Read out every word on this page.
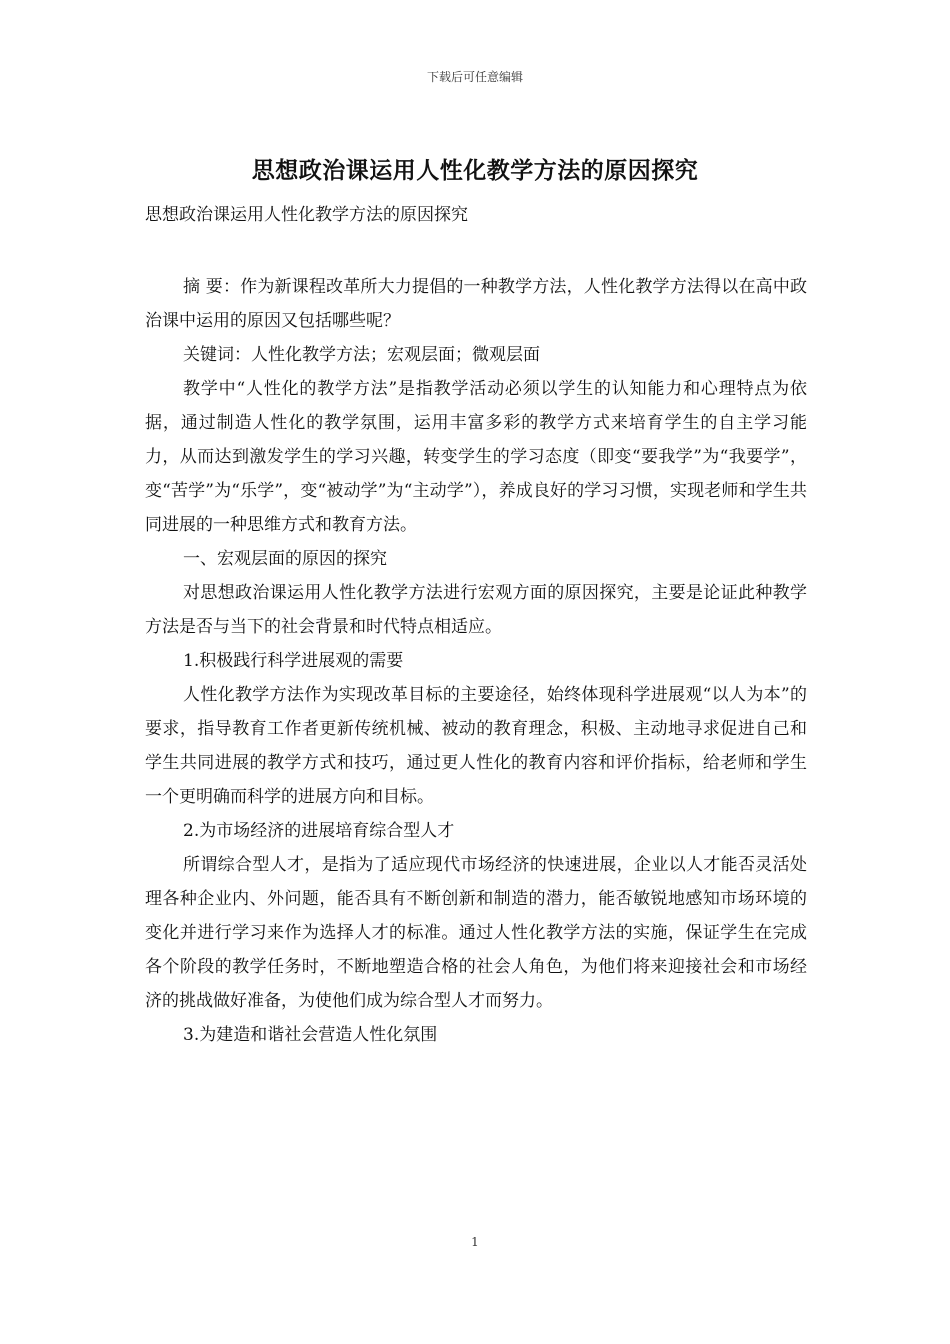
下载后可任意编辑
思想政治课运用人性化教学方法的原因探究

思想政治课运用人性化教学方法的原因探究

摘 要：作为新课程改革所大力提倡的一种教学方法，人性化教学方法得以在高中政治课中运用的原因又包括哪些呢？

关键词：人性化教学方法；宏观层面；微观层面

教学中“人性化的教学方法”是指教学活动必须以学生的认知能力和心理特点为依据，通过制造人性化的教学氛围，运用丰富多彩的教学方式来培育学生的自主学习能力，从而达到激发学生的学习兴趣，转变学生的学习态度（即变“要我学”为“我要学”，变“苦学”为“乐学”，变“被动学”为“主动学”），养成良好的学习习惯，实现老师和学生共同进展的一种思维方式和教育方法。

一、宏观层面的原因的探究

对思想政治课运用人性化教学方法进行宏观方面的原因探究，主要是论证此种教学方法是否与当下的社会背景和时代特点相适应。

1.积极践行科学进展观的需要

人性化教学方法作为实现改革目标的主要途径，始终体现科学进展观“以人为本”的要求，指导教育工作者更新传统机械、被动的教育理念，积极、主动地寻求促进自己和学生共同进展的教学方式和技巧，通过更人性化的教育内容和评价指标，给老师和学生一个更明确而科学的进展方向和目标。

2.为市场经济的进展培育综合型人才

所谓综合型人才，是指为了适应现代市场经济的快速进展，企业以人才能否灵活处理各种企业内、外问题，能否具有不断创新和制造的潜力，能否敏锐地感知市场环境的变化并进行学习来作为选择人才的标准。通过人性化教学方法的实施，保证学生在完成各个阶段的教学任务时，不断地塑造合格的社会人角色，为他们将来迎接社会和市场经济的挑战做好准备，为使他们成为综合型人才而努力。

3.为建造和谐社会营造人性化氛围

1
